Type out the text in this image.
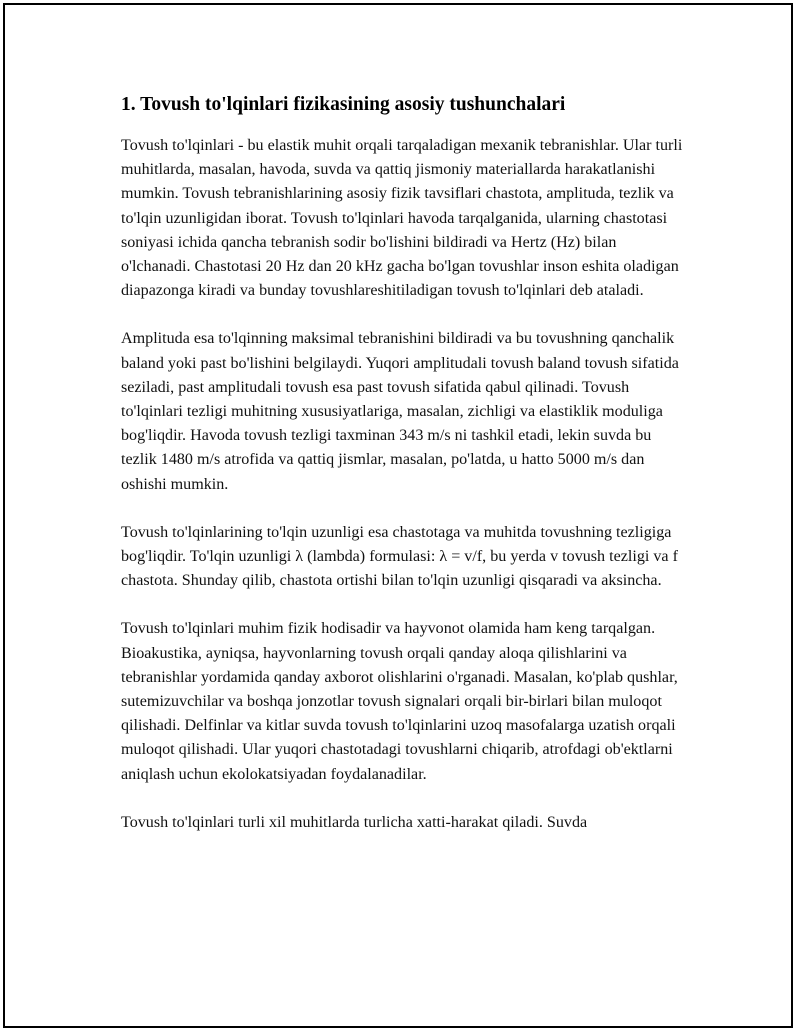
1. Tovush to'lqinlari fizikasining asosiy tushunchalari

Tovush to'lqinlari - bu elastik muhit orqali tarqaladigan mexanik tebranishlar. Ular turli muhitlarda, masalan, havoda, suvda va qattiq jismoniy materiallarda harakatlanishi mumkin. Tovush tebranishlarining asosiy fizik tavsiflari chastota, amplituda, tezlik va to'lqin uzunligidan iborat. Tovush to'lqinlari havoda tarqalganida, ularning chastotasi soniyasi ichida qancha tebranish sodir bo'lishini bildiradi va Hertz (Hz) bilan o'lchanadi. Chastotasi 20 Hz dan 20 kHz gacha bo'lgan tovushlar inson eshita oladigan diapazonga kiradi va bunday tovushlareshitiladigan tovush to'lqinlari deb ataladi.

Amplituda esa to'lqinning maksimal tebranishini bildiradi va bu tovushning qanchalik baland yoki past bo'lishini belgilaydi. Yuqori amplitudali tovush baland tovush sifatida seziladi, past amplitudali tovush esa past tovush sifatida qabul qilinadi. Tovush to'lqinlari tezligi muhitning xususiyatlariga, masalan, zichligi va elastiklik moduliga bog'liqdir. Havoda tovush tezligi taxminan 343 m/s ni tashkil etadi, lekin suvda bu tezlik 1480 m/s atrofida va qattiq jismlar, masalan, po'latda, u hatto 5000 m/s dan oshishi mumkin.

Tovush to'lqinlarining to'lqin uzunligi esa chastotaga va muhitda tovushning tezligiga bog'liqdir. To'lqin uzunligi λ (lambda) formulasi: λ = v/f, bu yerda v tovush tezligi va f chastota. Shunday qilib, chastota ortishi bilan to'lqin uzunligi qisqaradi va aksincha.

Tovush to'lqinlari muhim fizik hodisadir va hayvonot olamida ham keng tarqalgan. Bioakustika, ayniqsa, hayvonlarning tovush orqali qanday aloqa qilishlarini va tebranishlar yordamida qanday axborot olishlarini o'rganadi. Masalan, ko'plab qushlar, sutemizuvchilar va boshqa jonzotlar tovush signalari orqali bir-birlari bilan muloqot qilishadi. Delfinlar va kitlar suvda tovush to'lqinlarini uzoq masofalarga uzatish orqali muloqot qilishadi. Ular yuqori chastotadagi tovushlarni chiqarib, atrofdagi ob'ektlarni aniqlash uchun ekolokatsiyadan foydalanadilar.

Tovush to'lqinlari turli xil muhitlarda turlicha xatti-harakat qiladi. Suvda
